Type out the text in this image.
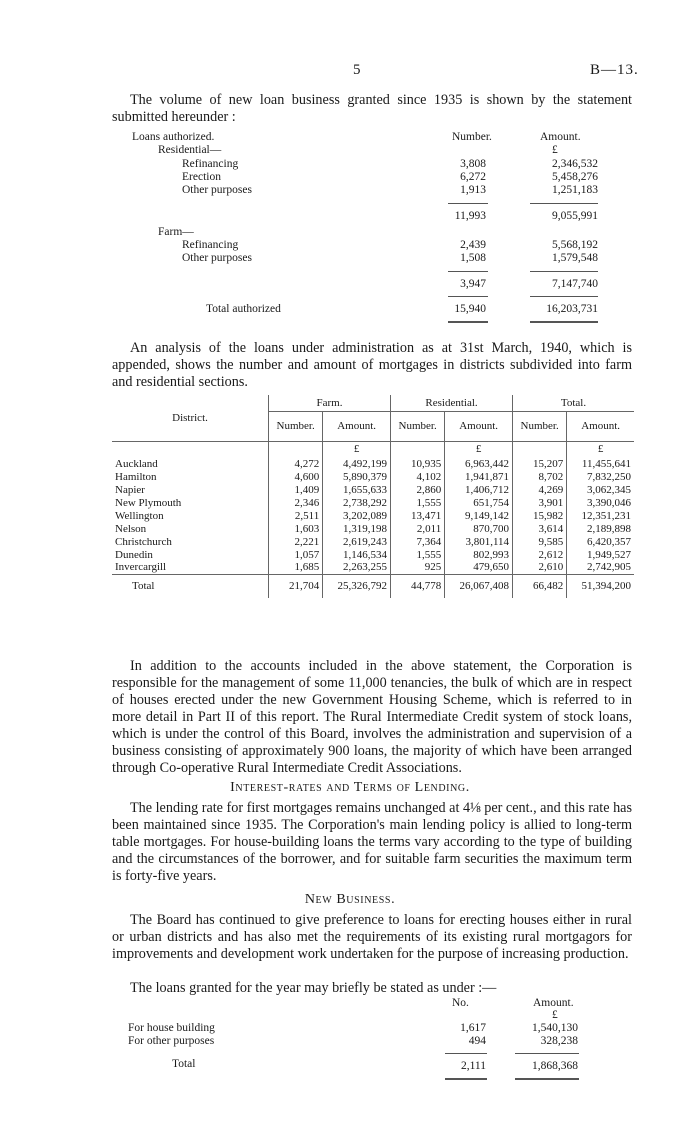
5	B—13.
The volume of new loan business granted since 1935 is shown by the statement submitted hereunder :
Loans authorized.	Number.	Amount.
Residential—	£
Refinancing	3,808	2,346,532
Erection	6,272	5,458,276
Other purposes	1,913	1,251,183
11,993	9,055,991
Farm—
Refinancing	2,439	5,568,192
Other purposes	1,508	1,579,548
3,947	7,147,740
Total authorized	15,940	16,203,731
An analysis of the loans under administration as at 31st March, 1940, which is appended, shows the number and amount of mortgages in districts subdivided into farm and residential sections.
District.	Farm.		Residential.		Total.	
	Number.	Amount.	Number.	Amount.	Number.	Amount.
		£		£		£
Auckland	4,272	4,492,199	10,935	6,963,442	15,207	11,455,641
Hamilton	4,600	5,890,379	4,102	1,941,871	8,702	7,832,250
Napier	1,409	1,655,633	2,860	1,406,712	4,269	3,062,345
New Plymouth	2,346	2,738,292	1,555	651,754	3,901	3,390,046
Wellington	2,511	3,202,089	13,471	9,149,142	15,982	12,351,231
Nelson	1,603	1,319,198	2,011	870,700	3,614	2,189,898
Christchurch	2,221	2,619,243	7,364	3,801,114	9,585	6,420,357
Dunedin	1,057	1,146,534	1,555	802,993	2,612	1,949,527
Invercargill	1,685	2,263,255	925	479,650	2,610	2,742,905
Total	21,704	25,326,792	44,778	26,067,408	66,482	51,394,200
In addition to the accounts included in the above statement, the Corporation is responsible for the management of some 11,000 tenancies, the bulk of which are in respect of houses erected under the new Government Housing Scheme, which is referred to in more detail in Part II of this report. The Rural Intermediate Credit system of stock loans, which is under the control of this Board, involves the administration and supervision of a business consisting of approximately 900 loans, the majority of which have been arranged through Co-operative Rural Intermediate Credit Associations.
Interest-rates and Terms of Lending.
The lending rate for first mortgages remains unchanged at 4⅛ per cent., and this rate has been maintained since 1935. The Corporation's main lending policy is allied to long-term table mortgages. For house-building loans the terms vary according to the type of building and the circumstances of the borrower, and for suitable farm securities the maximum term is forty-five years.
New Business.
The Board has continued to give preference to loans for erecting houses either in rural or urban districts and has also met the requirements of its existing rural mortgagors for improvements and development work undertaken for the purpose of increasing production.
The loans granted for the year may briefly be stated as under :—
No.	Amount.
£
For house building	1,617	1,540,130
For other purposes	494	328,238
Total	2,111	1,868,368
